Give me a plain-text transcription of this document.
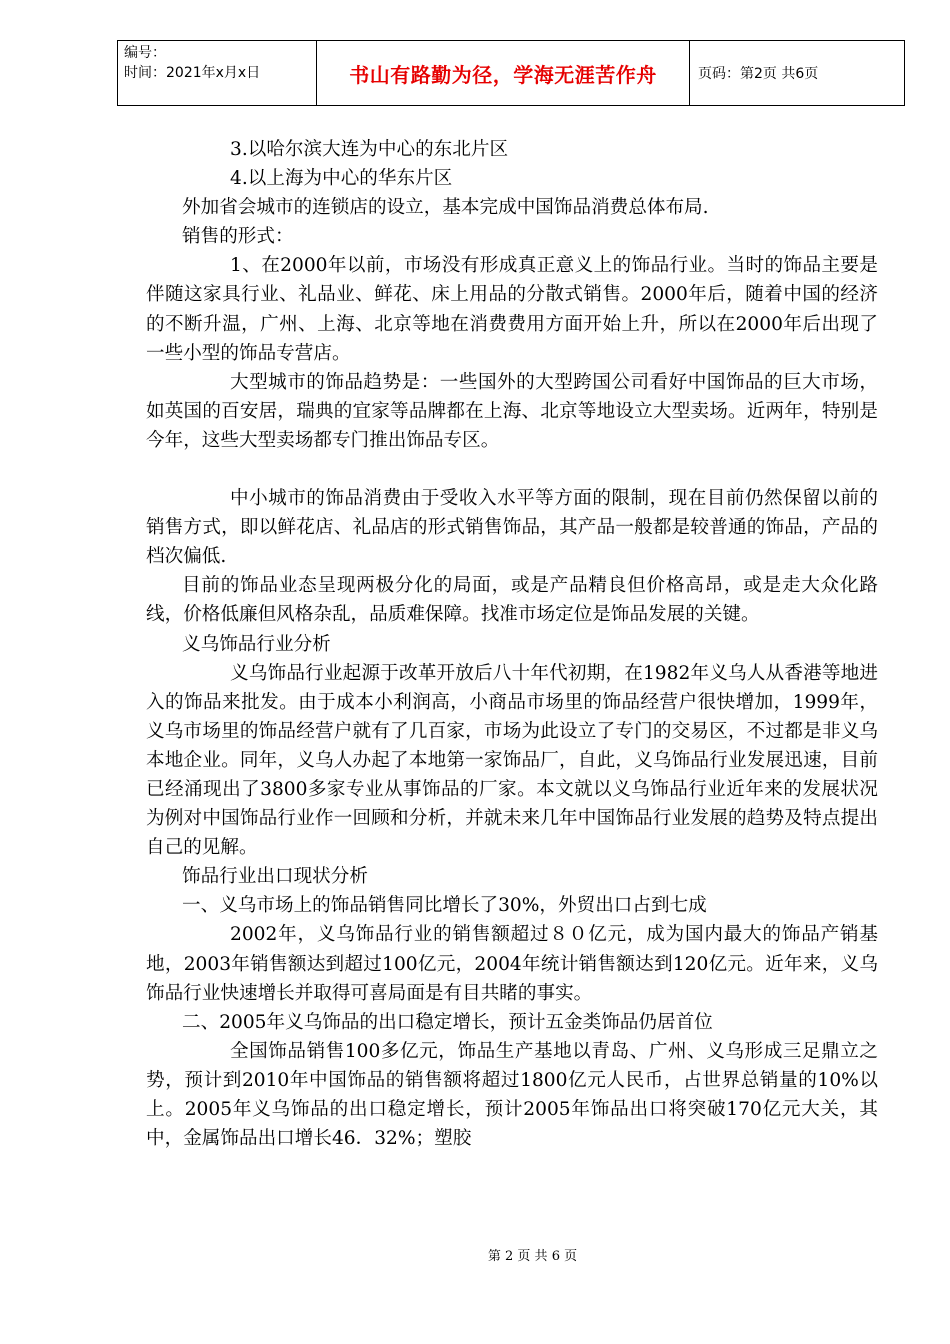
编号：
时间：2021年x月x日	书山有路勤为径，学海无涯苦作舟	页码：第2页 共6页

3.以哈尔滨大连为中心的东北片区

4.以上海为中心的华东片区

外加省会城市的连锁店的设立，基本完成中国饰品消费总体布局.

销售的形式：

1、在2000年以前，市场没有形成真正意义上的饰品行业。当时的饰品主要是伴随这家具行业、礼品业、鲜花、床上用品的分散式销售。2000年后，随着中国的经济的不断升温，广州、上海、北京等地在消费费用方面开始上升，所以在2000年后出现了一些小型的饰品专营店。

大型城市的饰品趋势是：一些国外的大型跨国公司看好中国饰品的巨大市场，如英国的百安居，瑞典的宜家等品牌都在上海、北京等地设立大型卖场。近两年，特别是今年，这些大型卖场都专门推出饰品专区。

中小城市的饰品消费由于受收入水平等方面的限制，现在目前仍然保留以前的销售方式，即以鲜花店、礼品店的形式销售饰品，其产品一般都是较普通的饰品，产品的档次偏低.

目前的饰品业态呈现两极分化的局面，或是产品精良但价格高昂，或是走大众化路线，价格低廉但风格杂乱，品质难保障。找准市场定位是饰品发展的关键。

义乌饰品行业分析

义乌饰品行业起源于改革开放后八十年代初期，在1982年义乌人从香港等地进入的饰品来批发。由于成本小利润高，小商品市场里的饰品经营户很快增加，1999年，义乌市场里的饰品经营户就有了几百家，市场为此设立了专门的交易区，不过都是非义乌本地企业。同年，义乌人办起了本地第一家饰品厂，自此，义乌饰品行业发展迅速，目前已经涌现出了3800多家专业从事饰品的厂家。本文就以义乌饰品行业近年来的发展状况为例对中国饰品行业作一回顾和分析，并就未来几年中国饰品行业发展的趋势及特点提出自己的见解。

饰品行业出口现状分析

一、义乌市场上的饰品销售同比增长了30%，外贸出口占到七成

2002年，义乌饰品行业的销售额超过８０亿元，成为国内最大的饰品产销基地，2003年销售额达到超过100亿元，2004年统计销售额达到120亿元。近年来，义乌饰品行业快速增长并取得可喜局面是有目共睹的事实。

二、2005年义乌饰品的出口稳定增长，预计五金类饰品仍居首位

全国饰品销售100多亿元，饰品生产基地以青岛、广州、义乌形成三足鼎立之势，预计到2010年中国饰品的销售额将超过1800亿元人民币，占世界总销量的10%以上。2005年义乌饰品的出口稳定增长，预计2005年饰品出口将突破170亿元大关，其中，金属饰品出口增长46．32%；塑胶

第 2 页 共 6 页
